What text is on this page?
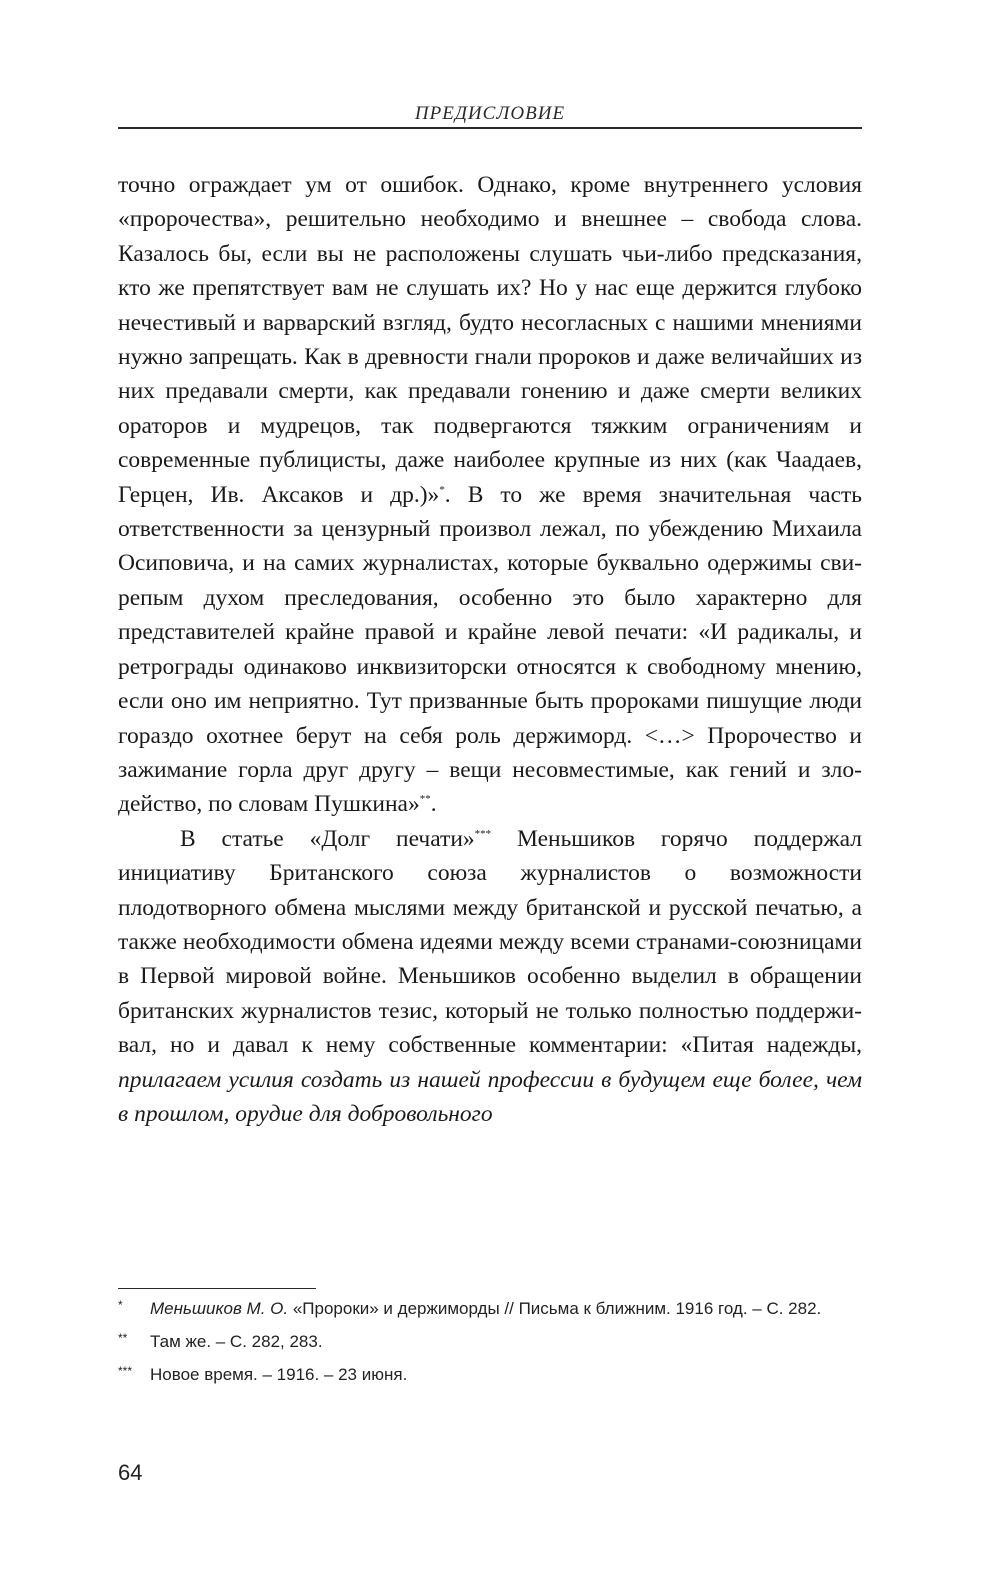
ПРЕДИСЛОВИЕ

точно ограждает ум от ошибок. Однако, кроме внутреннего условия «пророчества», решительно необходимо и внешнее – свобода слова. Казалось бы, если вы не расположены слушать чьи-либо предсказания, кто же препятствует вам не слушать их? Но у нас еще держится глубоко нечестивый и варварский взгляд, будто несогласных с нашими мнениями нужно запрещать. Как в древности гнали пророков и даже величайших из них предавали смерти, как предавали гонению и даже смерти великих ораторов и мудрецов, так подвергаются тяжким ограничениям и современные публицисты, даже наиболее крупные из них (как Чаадаев, Герцен, Ив. Аксаков и др.)»*. В то же время значительная часть ответственности за цензурный произвол лежал, по убеждению Михаила Осиповича, и на самих журналистах, которые буквально одержимы свирепым духом преследования, особенно это было характерно для представителей крайне правой и крайне левой печати: «И радикалы, и ретрограды одинаково инквизиторски относятся к свободному мнению, если оно им неприятно. Тут призванные быть пророками пишущие люди гораздо охотнее берут на себя роль держиморд. <…> Пророчество и зажимание горла друг другу – вещи несовместимые, как гений и злодейство, по словам Пушкина»**.

В статье «Долг печати»*** Меньшиков горячо поддержал инициативу Британского союза журналистов о возможности плодотворного обмена мыслями между британской и русской печатью, а также необходимости обмена идеями между всеми странами-союзницами в Первой мировой войне. Меньшиков особенно выделил в обращении британских журналистов тезис, который не только полностью поддерживал, но и давал к нему собственные комментарии: «Питая надежды, прилагаем усилия создать из нашей профессии в будущем еще более, чем в прошлом, орудие для добровольного

*	Меньшиков М. О. «Пророки» и держиморды // Письма к ближним. 1916 год. – С. 282.
**	Там же. – С. 282, 283.
***	Новое время. – 1916. – 23 июня.
64
